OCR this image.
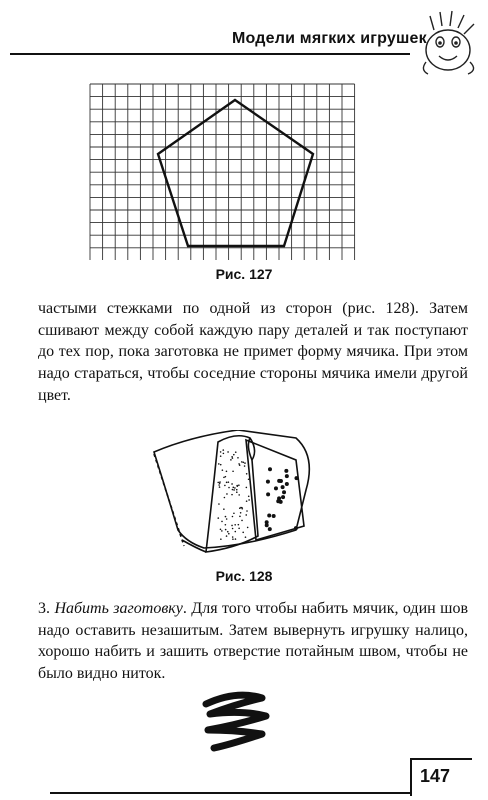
Модели мягких игрушек
Рис. 127
частыми стежками по одной из сторон (рис. 128). Затем сшивают между собой каждую пару деталей и так поступают до тех пор, пока заготовка не примет форму мячика. При этом надо стараться, чтобы соседние стороны мячика имели другой цвет.
Рис. 128
3. Набить заготовку. Для того чтобы набить мячик, один шов надо оставить незашитым. Затем вывернуть игрушку налицо, хорошо набить и зашить отверстие потайным швом, чтобы не было видно ниток.
147
